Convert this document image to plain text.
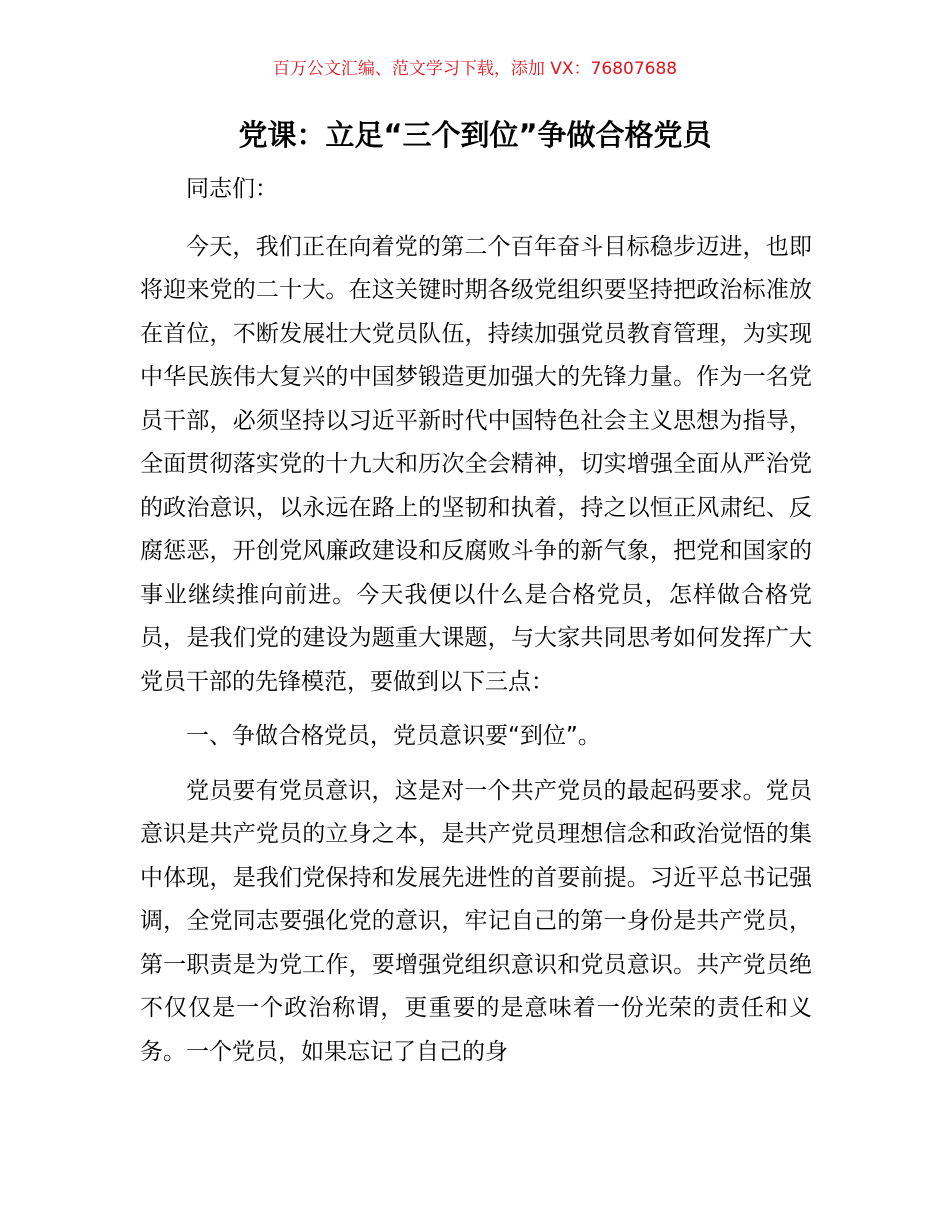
百万公文汇编、范文学习下载，添加 VX：76807688
党课：立足“三个到位”争做合格党员

同志们：

今天，我们正在向着党的第二个百年奋斗目标稳步迈进，也即将迎来党的二十大。在这关键时期各级党组织要坚持把政治标准放在首位，不断发展壮大党员队伍，持续加强党员教育管理，为实现中华民族伟大复兴的中国梦锻造更加强大的先锋力量。作为一名党员干部，必须坚持以习近平新时代中国特色社会主义思想为指导，全面贯彻落实党的十九大和历次全会精神，切实增强全面从严治党的政治意识，以永远在路上的坚韧和执着，持之以恒正风肃纪、反腐惩恶，开创党风廉政建设和反腐败斗争的新气象，把党和国家的事业继续推向前进。今天我便以什么是合格党员，怎样做合格党员，是我们党的建设为题重大课题，与大家共同思考如何发挥广大党员干部的先锋模范，要做到以下三点：

一、争做合格党员，党员意识要“到位”。

党员要有党员意识，这是对一个共产党员的最起码要求。党员意识是共产党员的立身之本，是共产党员理想信念和政治觉悟的集中体现，是我们党保持和发展先进性的首要前提。习近平总书记强调，全党同志要强化党的意识，牢记自己的第一身份是共产党员，第一职责是为党工作，要增强党组织意识和党员意识。共产党员绝不仅仅是一个政治称谓，更重要的是意味着一份光荣的责任和义务。一个党员，如果忘记了自己的身
